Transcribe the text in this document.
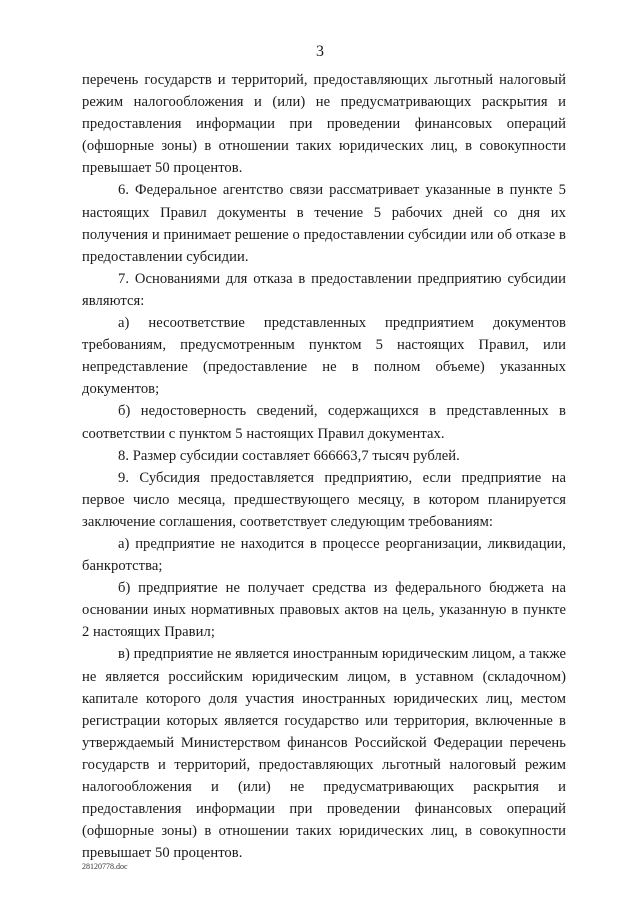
3

перечень государств и территорий, предоставляющих льготный налоговый режим налогообложения и (или) не предусматривающих раскрытия и предоставления информации при проведении финансовых операций (офшорные зоны) в отношении таких юридических лиц, в совокупности превышает 50 процентов.

6. Федеральное агентство связи рассматривает указанные в пункте 5 настоящих Правил документы в течение 5 рабочих дней со дня их получения и принимает решение о предоставлении субсидии или об отказе в предоставлении субсидии.

7. Основаниями для отказа в предоставлении предприятию субсидии являются:

а) несоответствие представленных предприятием документов требованиям, предусмотренным пунктом 5 настоящих Правил, или непредставление (предоставление не в полном объеме) указанных документов;

б) недостоверность сведений, содержащихся в представленных в соответствии с пунктом 5 настоящих Правил документах.

8. Размер субсидии составляет 666663,7 тысяч рублей.

9. Субсидия предоставляется предприятию, если предприятие на первое число месяца, предшествующего месяцу, в котором планируется заключение соглашения, соответствует следующим требованиям:

а) предприятие не находится в процессе реорганизации, ликвидации, банкротства;

б) предприятие не получает средства из федерального бюджета на основании иных нормативных правовых актов на цель, указанную в пункте 2 настоящих Правил;

в) предприятие не является иностранным юридическим лицом, а также не является российским юридическим лицом, в уставном (складочном) капитале которого доля участия иностранных юридических лиц, местом регистрации которых является государство или территория, включенные в утверждаемый Министерством финансов Российской Федерации перечень государств и территорий, предоставляющих льготный налоговый режим налогообложения и (или) не предусматривающих раскрытия и предоставления информации при проведении финансовых операций (офшорные зоны) в отношении таких юридических лиц, в совокупности превышает 50 процентов.

28120778.doc
